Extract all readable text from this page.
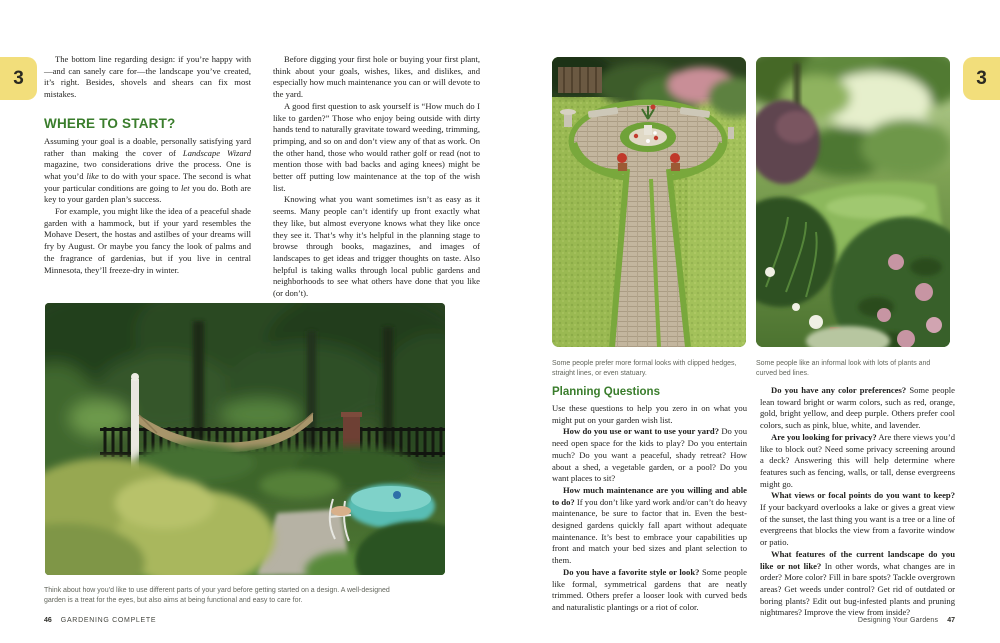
3

The bottom line regarding design: if you’re happy with—and can sanely care for—the landscape you’ve created, it’s right. Besides, shovels and shears can fix most mistakes.

WHERE TO START?

Assuming your goal is a doable, personally satisfying yard rather than making the cover of Landscape Wizard magazine, two considerations drive the process. One is what you’d like to do with your space. The second is what your particular conditions are going to let you do. Both are key to your garden plan’s success.

For example, you might like the idea of a peaceful shade garden with a hammock, but if your yard resembles the Mohave Desert, the hostas and astilbes of your dreams will fry by August. Or maybe you fancy the look of palms and the fragrance of gardenias, but if you live in central Minnesota, they’ll freeze-dry in winter.

Before digging your first hole or buying your first plant, think about your goals, wishes, likes, and dislikes, and especially how much maintenance you can or will devote to the yard.

A good first question to ask yourself is “How much do I like to garden?” Those who enjoy being outside with dirty hands tend to naturally gravitate toward weeding, trimming, primping, and so on and don’t view any of that as work. On the other hand, those who would rather golf or read (not to mention those with bad backs and aging knees) might be better off putting low maintenance at the top of the wish list.

Knowing what you want sometimes isn’t as easy as it seems. Many people can’t identify up front exactly what they like, but almost everyone knows what they like once they see it. That’s why it’s helpful in the planning stage to browse through books, magazines, and images of landscapes to get ideas and trigger thoughts on taste. Also helpful is taking walks through local public gardens and neighborhoods to see what others have done that you like (or don’t).

Think about how you’d like to use different parts of your yard before getting started on a design. A well-designed garden is a treat for the eyes, but also aims at being functional and easy to care for.

46 GARDENING COMPLETE
3

Some people prefer more formal looks with clipped hedges, straight lines, or even statuary.

Some people like an informal look with lots of plants and curved bed lines.

Planning Questions

Use these questions to help you zero in on what you might put on your garden wish list.

How do you use or want to use your yard? Do you need open space for the kids to play? Do you entertain much? Do you want a peaceful, shady retreat? How about a shed, a vegetable garden, or a pool? Do you want places to sit?

How much maintenance are you willing and able to do? If you don’t like yard work and/or can’t do heavy maintenance, be sure to factor that in. Even the best-designed gardens quickly fall apart without adequate maintenance. It’s best to embrace your capabilities up front and match your bed sizes and plant selection to them.

Do you have a favorite style or look? Some people like formal, symmetrical gardens that are neatly trimmed. Others prefer a looser look with curved beds and naturalistic plantings or a riot of color.

Do you have any color preferences? Some people lean toward bright or warm colors, such as red, orange, gold, bright yellow, and deep purple. Others prefer cool colors, such as pink, blue, white, and lavender.

Are you looking for privacy? Are there views you’d like to block out? Need some privacy screening around a deck? Answering this will help determine where features such as fencing, walls, or tall, dense evergreens might go.

What views or focal points do you want to keep? If your backyard overlooks a lake or gives a great view of the sunset, the last thing you want is a tree or a line of evergreens that blocks the view from a favorite window or patio.

What features of the current landscape do you like or not like? In other words, what changes are in order? More color? Fill in bare spots? Tackle overgrown areas? Get weeds under control? Get rid of outdated or boring plants? Edit out bug-infested plants and pruning nightmares? Improve the view from inside?

Designing Your Gardens 47
